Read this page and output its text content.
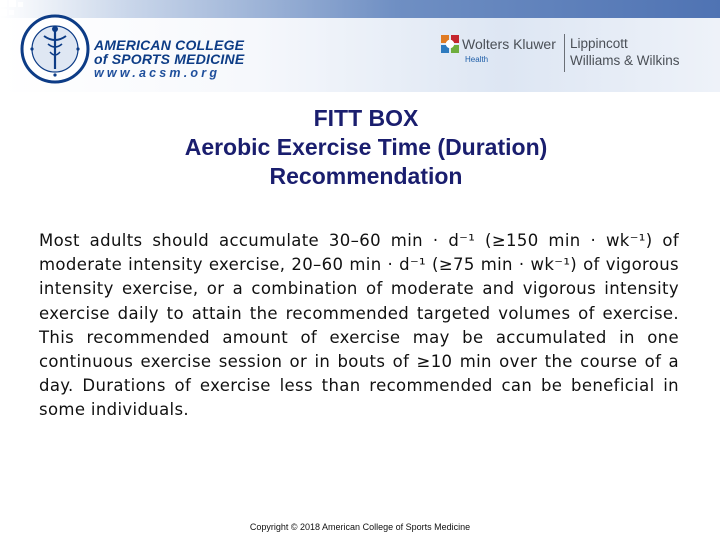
AMERICAN COLLEGE
of SPORTS MEDICINE
www.acsm.org
Wolters Kluwer
Health
Lippincott
Williams & Wilkins
FITT BOX
Aerobic Exercise Time (Duration)
Recommendation

Most adults should accumulate 30–60 min · d⁻¹ (≥150 min · wk⁻¹) of moderate intensity exercise, 20–60 min · d⁻¹ (≥75 min · wk⁻¹) of vigorous intensity exercise, or a combination of moderate and vigorous intensity exercise daily to attain the recommended targeted volumes of exercise. This recommended amount of exercise may be accumulated in one continuous exercise session or in bouts of ≥10 min over the course of a day. Durations of exercise less than recommended can be beneficial in some individuals.

Copyright © 2018 American College of Sports Medicine
